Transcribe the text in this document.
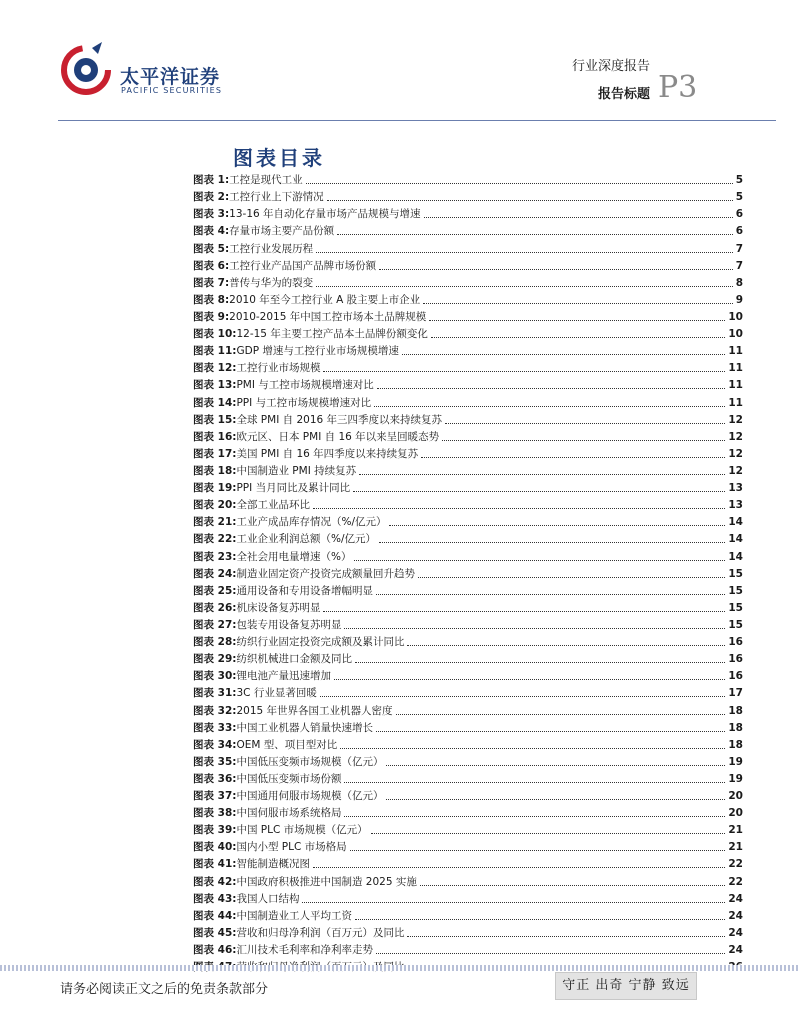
太平洋证券
PACIFIC SECURITIES
行业深度报告
报告标题 P3
图表目录
图表 1: 工控是现代工业	5
图表 2: 工控行业上下游情况	5
图表 3: 13-16 年自动化存量市场产品规模与增速	6
图表 4: 存量市场主要产品份额	6
图表 5: 工控行业发展历程	7
图表 6: 工控行业产品国产品牌市场份额	7
图表 7: 普传与华为的裂变	8
图表 8: 2010 年至今工控行业 A 股主要上市企业	9
图表 9: 2010-2015 年中国工控市场本土品牌规模	10
图表 10: 12-15 年主要工控产品本土品牌份额变化	10
图表 11: GDP 增速与工控行业市场规模增速	11
图表 12: 工控行业市场规模	11
图表 13: PMI 与工控市场规模增速对比	11
图表 14: PPI 与工控市场规模增速对比	11
图表 15: 全球 PMI 自 2016 年三四季度以来持续复苏	12
图表 16: 欧元区、日本 PMI 自 16 年以来呈回暖态势	12
图表 17: 美国 PMI 自 16 年四季度以来持续复苏	12
图表 18: 中国制造业 PMI 持续复苏	12
图表 19: PPI 当月同比及累计同比	13
图表 20: 全部工业品环比	13
图表 21: 工业产成品库存情况（%/亿元）	14
图表 22: 工业企业利润总额（%/亿元）	14
图表 23: 全社会用电量增速（%）	14
图表 24: 制造业固定资产投资完成额量回升趋势	15
图表 25: 通用设备和专用设备增幅明显	15
图表 26: 机床设备复苏明显	15
图表 27: 包装专用设备复苏明显	15
图表 28: 纺织行业固定投资完成额及累计同比	16
图表 29: 纺织机械进口金额及同比	16
图表 30: 锂电池产量迅速增加	16
图表 31: 3C 行业显著回暖	17
图表 32: 2015 年世界各国工业机器人密度	18
图表 33: 中国工业机器人销量快速增长	18
图表 34: OEM 型、项目型对比	18
图表 35: 中国低压变频市场规模（亿元）	19
图表 36: 中国低压变频市场份额	19
图表 37: 中国通用伺服市场规模（亿元）	20
图表 38: 中国伺服市场系统格局	20
图表 39: 中国 PLC 市场规模（亿元）	21
图表 40: 国内小型 PLC 市场格局	21
图表 41: 智能制造概况图	22
图表 42: 中国政府积极推进中国制造 2025 实施	22
图表 43: 我国人口结构	24
图表 44: 中国制造业工人平均工资	24
图表 45: 营收和归母净利润（百万元）及同比	24
图表 46: 汇川技术毛利率和净利率走势	24
请务必阅读正文之后的免责条款部分	守正 出奇 宁静 致远
